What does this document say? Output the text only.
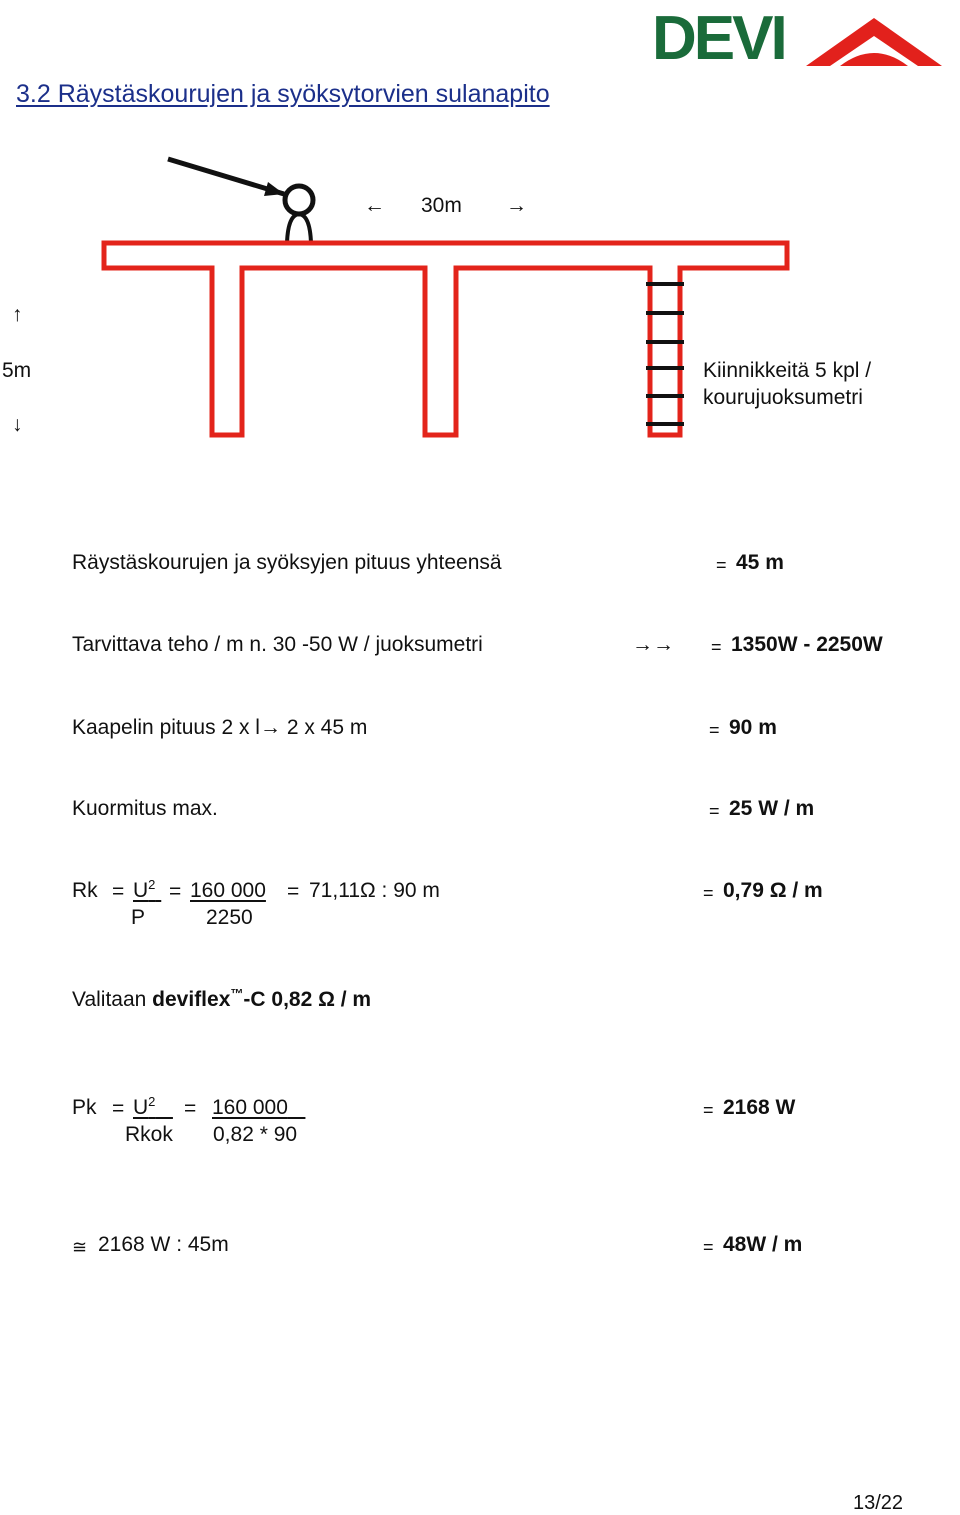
DEVI
3.2 Räystäskourujen ja syöksytorvien sulanapito
← 30m →
↑
5m
↓
Kiinnikkeitä 5 kpl /
kourujuoksumetri
Räystäskourujen ja syöksyjen pituus yhteensä	= 45 m
Tarvittava teho / m n. 30 -50 W / juoksumetri	→→ = 1350W - 2250W
Kaapelin pituus 2 x l→ 2 x 45 m	= 90 m
Kuormitus max.	= 25 W / m
$Rk = U^2$
P
= 160 000
2250
= 71,11Ω : 90 m	= 0,79 Ω / m
Valitaan deviflex™-C 0,82 Ω / m
$Pk = U^2$
Rkok
= 160 000
0,82 * 90
= 2168 W
≅ 2168 W : 45m	= 48W / m
13/22
